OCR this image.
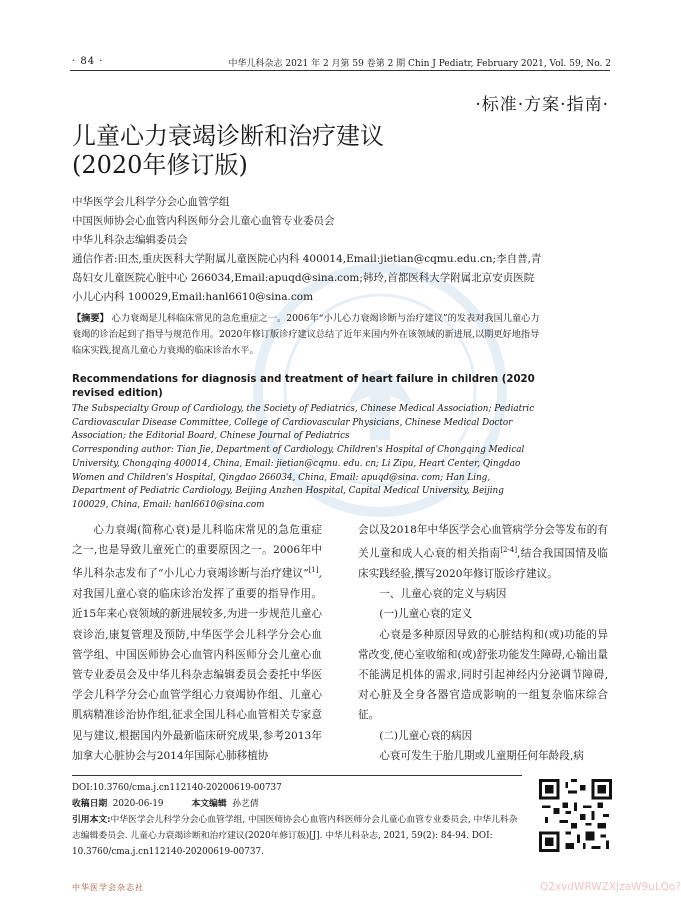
· 84 ·	中华儿科杂志 2021 年 2 月第 59 卷第 2 期 Chin J Pediatr, February 2021, Vol. 59, No. 2
·标准·方案·指南·
儿童心力衰竭诊断和治疗建议
(2020年修订版)
中华医学会儿科学分会心血管学组
中国医师协会心血管内科医师分会儿童心血管专业委员会
中华儿科杂志编辑委员会
通信作者:田杰,重庆医科大学附属儿童医院心内科 400014,Email:jietian@cqmu.edu.cn;李自普,青岛妇女儿童医院心脏中心 266034,Email:apuqd@sina.com;韩玲,首都医科大学附属北京安贞医院小儿心内科 100029,Email:hanl6610@sina.com
【摘要】 心力衰竭是儿科临床常见的急危重症之一。2006年“小儿心力衰竭诊断与治疗建议”的发表对我国儿童心力衰竭的诊治起到了指导与规范作用。2020年修订版诊疗建议总结了近年来国内外在该领域的新进展,以期更好地指导临床实践,提高儿童心力衰竭的临床诊治水平。
Recommendations for diagnosis and treatment of heart failure in children (2020 revised edition)
The Subspecialty Group of Cardiology, the Society of Pediatrics, Chinese Medical Association; Pediatric Cardiovascular Disease Committee, College of Cardiovascular Physicians, Chinese Medical Doctor Association; the Editorial Board, Chinese Journal of Pediatrics
Corresponding author: Tian Jie, Department of Cardiology, Children's Hospital of Chongqing Medical University, Chongqing 400014, China, Email: jietian@cqmu. edu. cn; Li Zipu, Heart Center, Qingdao Women and Children's Hospital, Qingdao 266034, China, Email: apuqd@sina. com; Han Ling, Department of Pediatric Cardiology, Beijing Anzhen Hospital, Capital Medical University, Beijing 100029, China, Email: hanl6610@sina.com

心力衰竭(简称心衰)是儿科临床常见的急危重症之一,也是导致儿童死亡的重要原因之一。2006年中华儿科杂志发布了“小儿心力衰竭诊断与治疗建议”[1],对我国儿童心衰的临床诊治发挥了重要的指导作用。近15年来心衰领域的新进展较多,为进一步规范儿童心衰诊治,康复管理及预防,中华医学会儿科学分会心血管学组、中国医师协会心血管内科医师分会儿童心血管专业委员会及中华儿科杂志编辑委员会委托中华医学会儿科学分会心血管学组心力衰竭协作组、儿童心肌病精准诊治协作组,征求全国儿科心血管相关专家意见与建议,根据国内外最新临床研究成果,参考2013年加拿大心脏协会与2014年国际心肺移植协

会以及2018年中华医学会心血管病学分会等发布的有关儿童和成人心衰的相关指南[2-4],结合我国国情及临床实践经验,撰写2020年修订版诊疗建议。

一、儿童心衰的定义与病因

(一)儿童心衰的定义

心衰是多种原因导致的心脏结构和(或)功能的异常改变,使心室收缩和(或)舒张功能发生障碍,心输出量不能满足机体的需求,同时引起神经内分泌调节障碍,对心脏及全身各器官造成影响的一组复杂临床综合征。

(二)儿童心衰的病因

心衰可发生于胎儿期或儿童期任何年龄段,病

DOI:10.3760/cma.j.cn112140-20200619-00737
收稿日期 2020-06-19	本文编辑 孙艺倩
引用本文:中华医学会儿科学分会心血管学组, 中国医师协会心血管内科医师分会儿童心血管专业委员会, 中华儿科杂志编辑委员会. 儿童心力衰竭诊断和治疗建议(2020年修订版)[J]. 中华儿科杂志, 2021, 59(2): 84-94. DOI: 10.3760/cma.j.cn112140-20200619-00737.
中华医学会杂志社	Q2xvdWRWZXJzaW9uLQo?
